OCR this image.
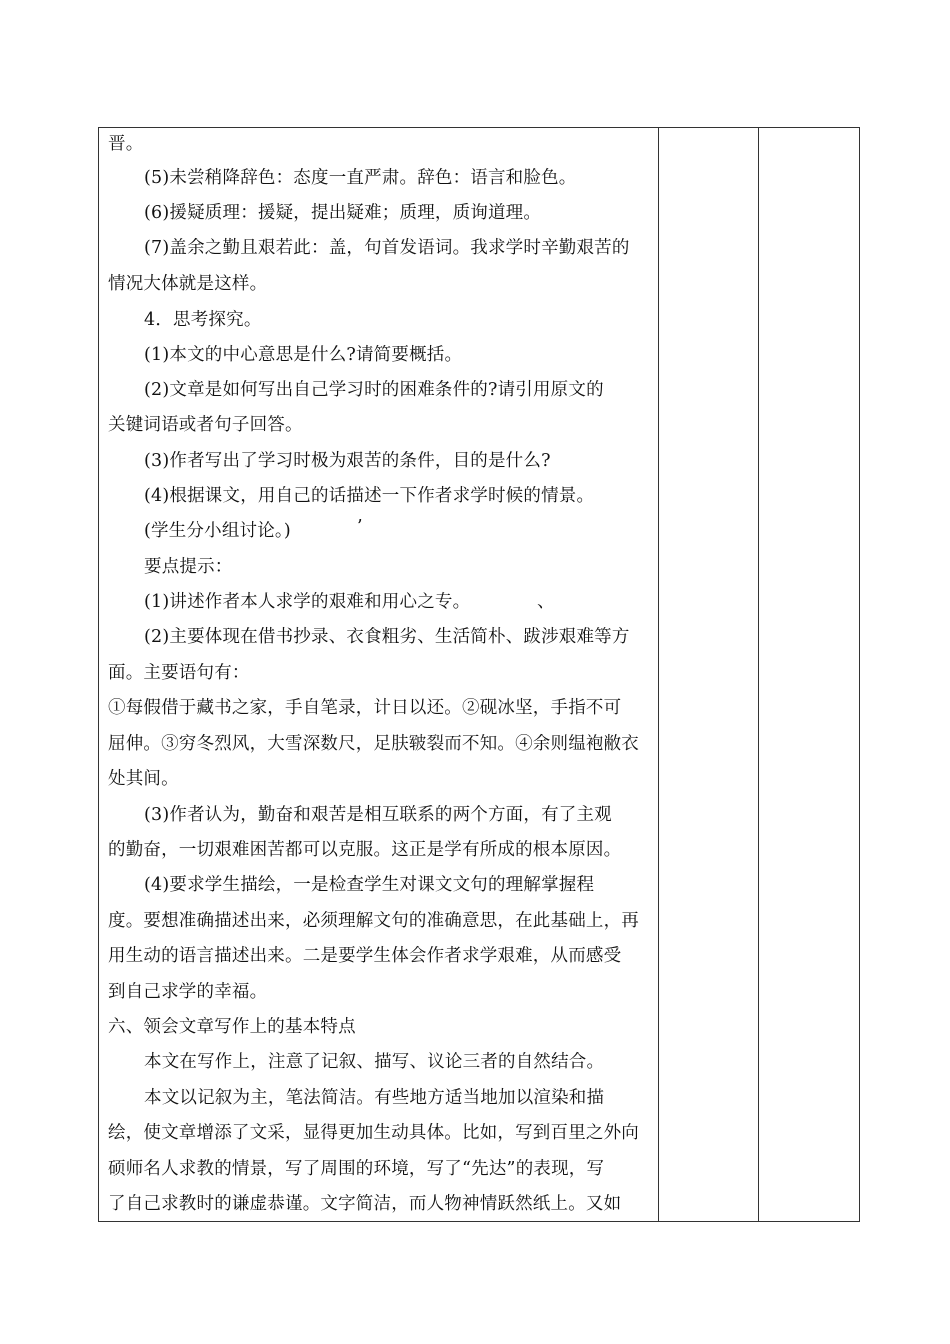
晋。
(5)未尝稍降辞色：态度一直严肃。辞色：语言和脸色。
(6)援疑质理：援疑，提出疑难；质理，质询道理。
(7)盖余之勤且艰若此：盖，句首发语词。我求学时辛勤艰苦的
情况大体就是这样。
4．思考探究。
(1)本文的中心意思是什么?请简要概括。
(2)文章是如何写出自己学习时的困难条件的?请引用原文的
关键词语或者句子回答。
(3)作者写出了学习时极为艰苦的条件，目的是什么?
(4)根据课文，用自己的话描述一下作者求学时候的情景。
(学生分小组讨论。)	’
要点提示：
(1)讲述作者本人求学的艰难和用心之专。	、
(2)主要体现在借书抄录、衣食粗劣、生活简朴、跋涉艰难等方
面。主要语句有：
①每假借于藏书之家，手自笔录，计日以还。②砚冰坚，手指不可
屈伸。③穷冬烈风，大雪深数尺，足肤皲裂而不知。④余则缊袍敝衣
处其间。
(3)作者认为，勤奋和艰苦是相互联系的两个方面，有了主观
的勤奋，一切艰难困苦都可以克服。这正是学有所成的根本原因。
(4)要求学生描绘，一是检查学生对课文文句的理解掌握程
度。要想准确描述出来，必须理解文句的准确意思，在此基础上，再
用生动的语言描述出来。二是要学生体会作者求学艰难，从而感受
到自己求学的幸福。
六、领会文章写作上的基本特点
本文在写作上，注意了记叙、描写、议论三者的自然结合。
本文以记叙为主，笔法简洁。有些地方适当地加以渲染和描
绘，使文章增添了文采，显得更加生动具体。比如，写到百里之外向
硕师名人求教的情景，写了周围的环境，写了“先达”的表现，写
了自己求教时的谦虚恭谨。文字简洁，而人物神情跃然纸上。又如
